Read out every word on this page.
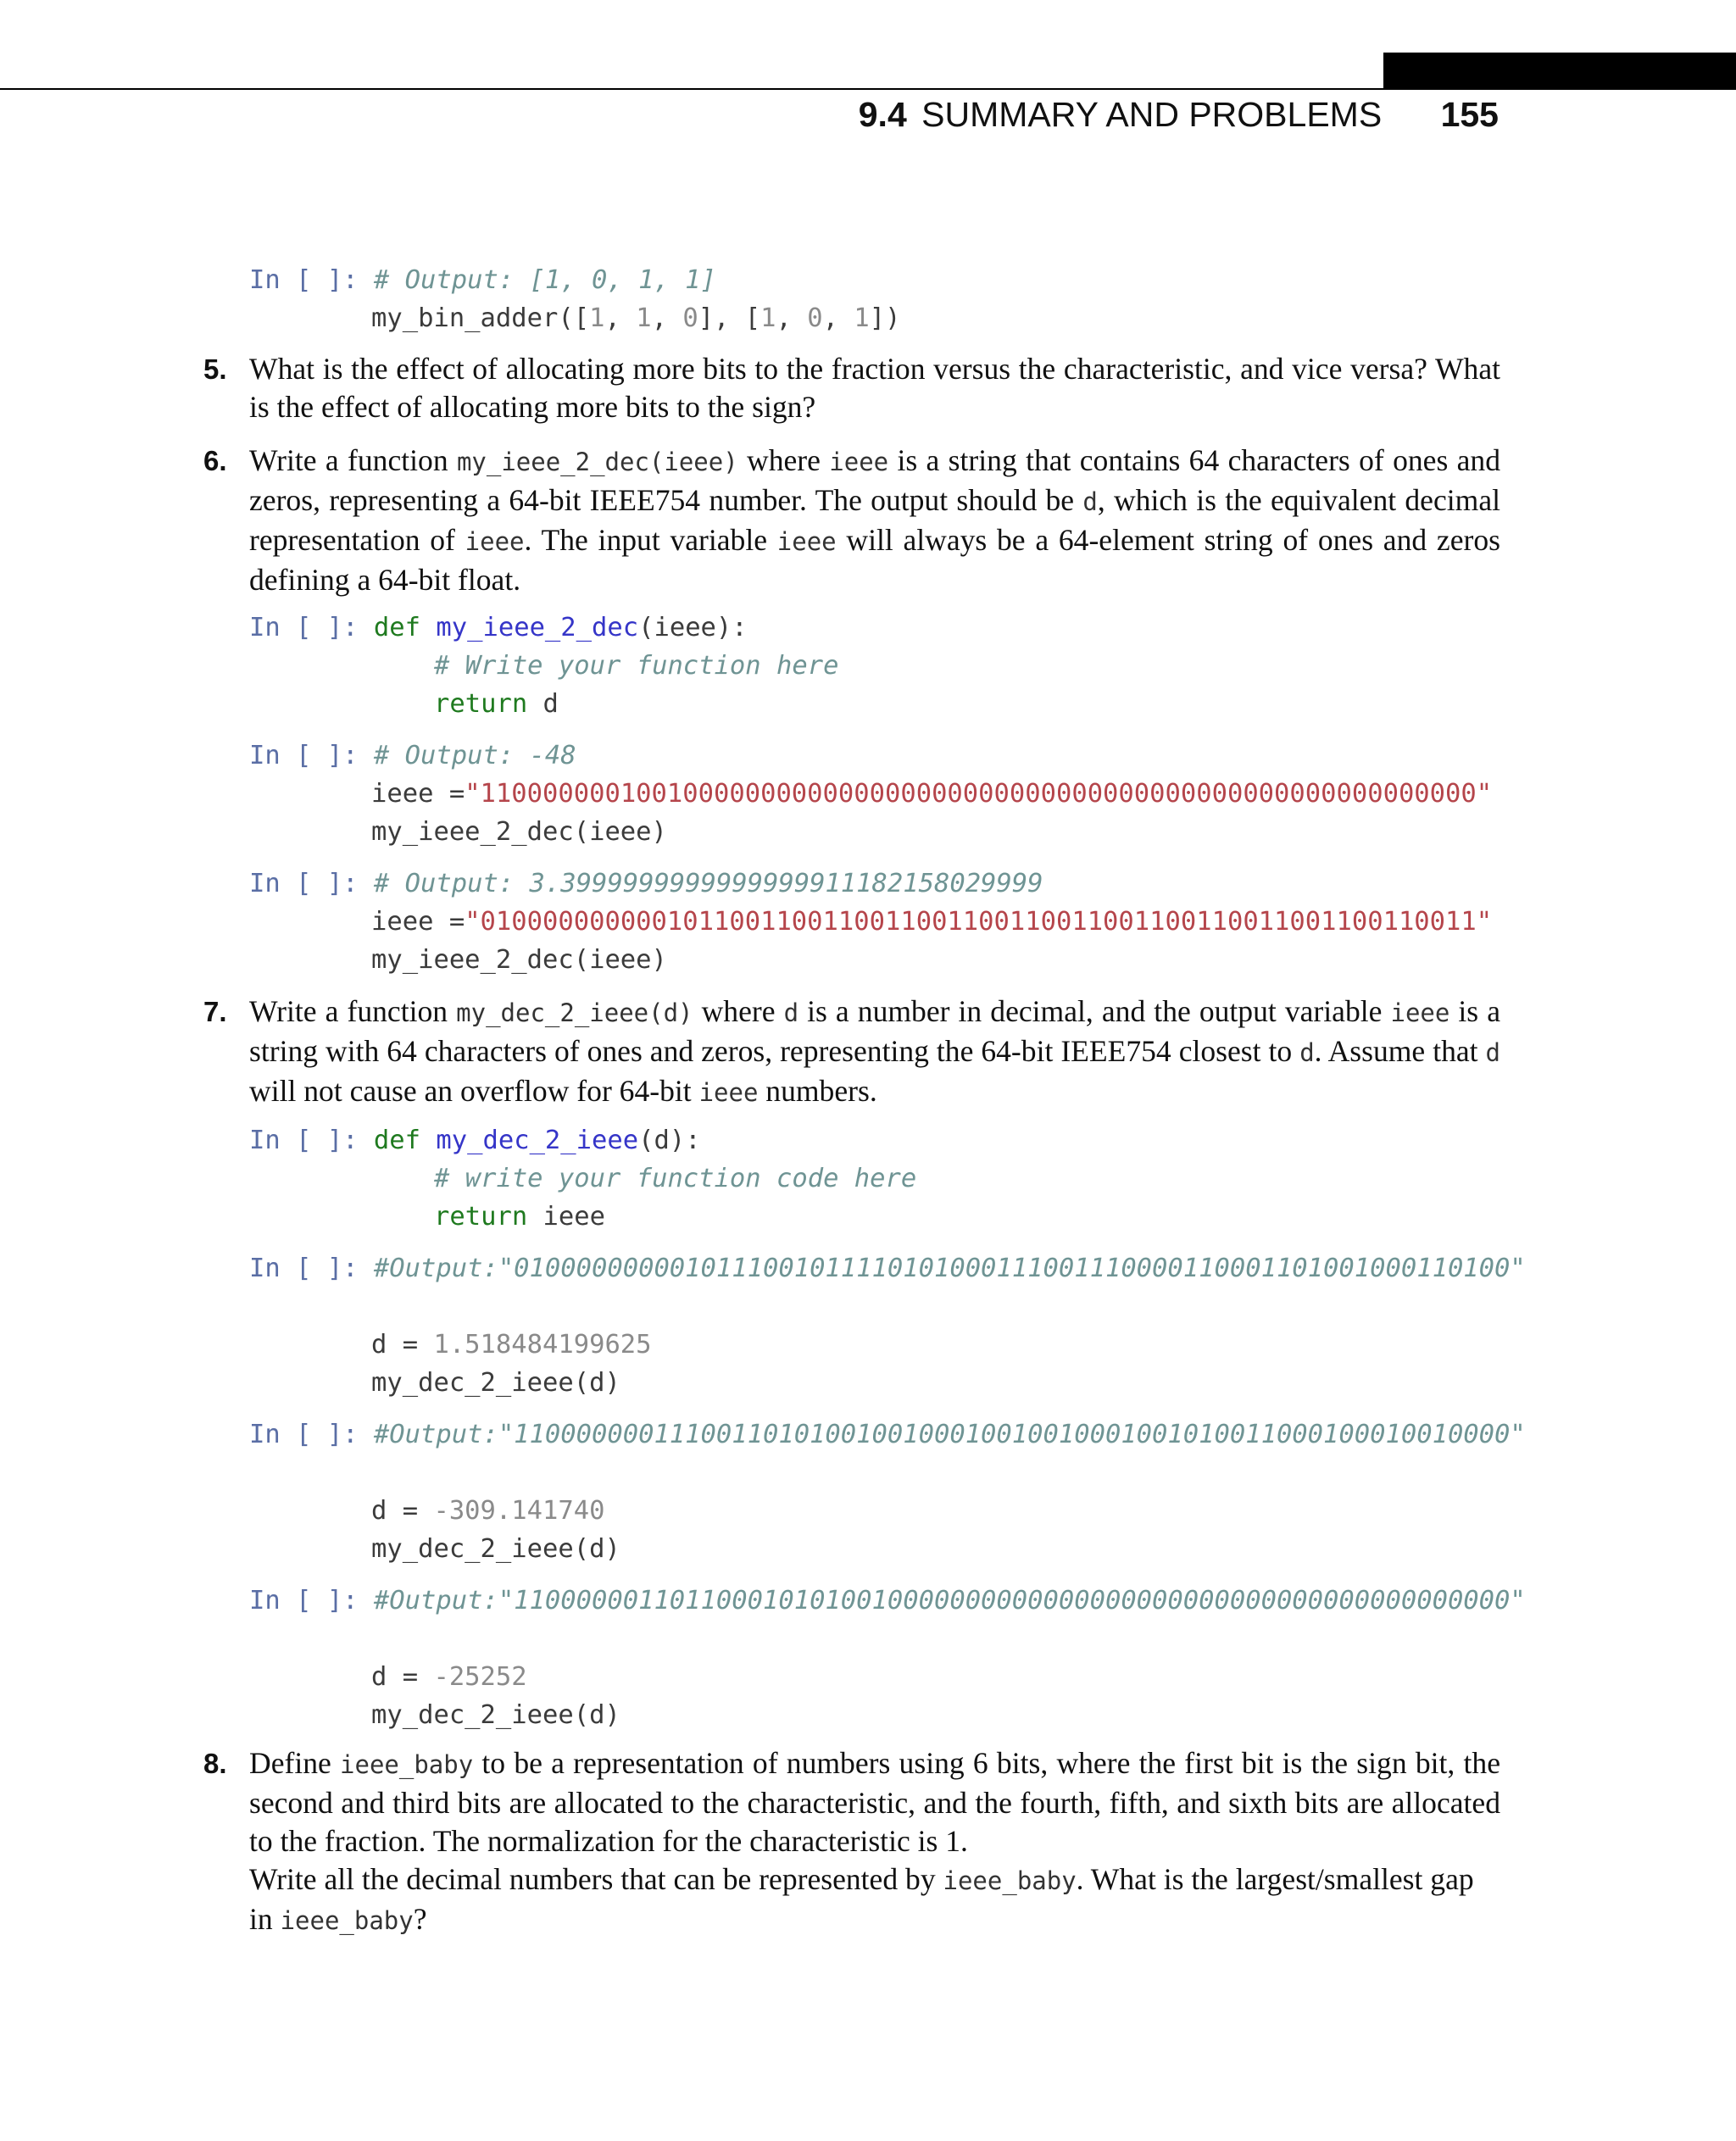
9.4 SUMMARY AND PROBLEMS 155
In [ ]: # Output: [1, 0, 1, 1]
my_bin_adder([1, 1, 0], [1, 0, 1])
5. What is the effect of allocating more bits to the fraction versus the characteristic, and vice versa? What is the effect of allocating more bits to the sign?
6. Write a function my_ieee_2_dec(ieee) where ieee is a string that contains 64 characters of ones and zeros, representing a 64-bit IEEE754 number. The output should be d, which is the equivalent decimal representation of ieee. The input variable ieee will always be a 64-element string of ones and zeros defining a 64-bit float.
In [ ]: def my_ieee_2_dec(ieee):
# Write your function here
return d
In [ ]: # Output: -48
ieee ="1100000001001000000000000000000000000000000000000000000000000000"
my_ieee_2_dec(ieee)
In [ ]: # Output: 3.3999999999999999911182158029999
ieee ="0100000000001011001100110011001100110011001100110011001100110011"
my_ieee_2_dec(ieee)
7. Write a function my_dec_2_ieee(d) where d is a number in decimal, and the output variable ieee is a string with 64 characters of ones and zeros, representing the 64-bit IEEE754 closest to d. Assume that d will not cause an overflow for 64-bit ieee numbers.
In [ ]: def my_dec_2_ieee(d):
# write your function code here
return ieee
In [ ]: #Output:"0100000000010111001011110101000111001110000110001101001000110100"
d = 1.518484199625
my_dec_2_ieee(d)
In [ ]: #Output:"1100000001110011010100100100010010010001001010011000100010010000"
d = -309.141740
my_dec_2_ieee(d)
In [ ]: #Output:"1100000011011000101010010000000000000000000000000000000000000000"
d = -25252
my_dec_2_ieee(d)
8. Define ieee_baby to be a representation of numbers using 6 bits, where the first bit is the sign bit, the second and third bits are allocated to the characteristic, and the fourth, fifth, and sixth bits are allocated to the fraction. The normalization for the characteristic is 1.
Write all the decimal numbers that can be represented by ieee_baby. What is the largest/smallest gap in ieee_baby?
